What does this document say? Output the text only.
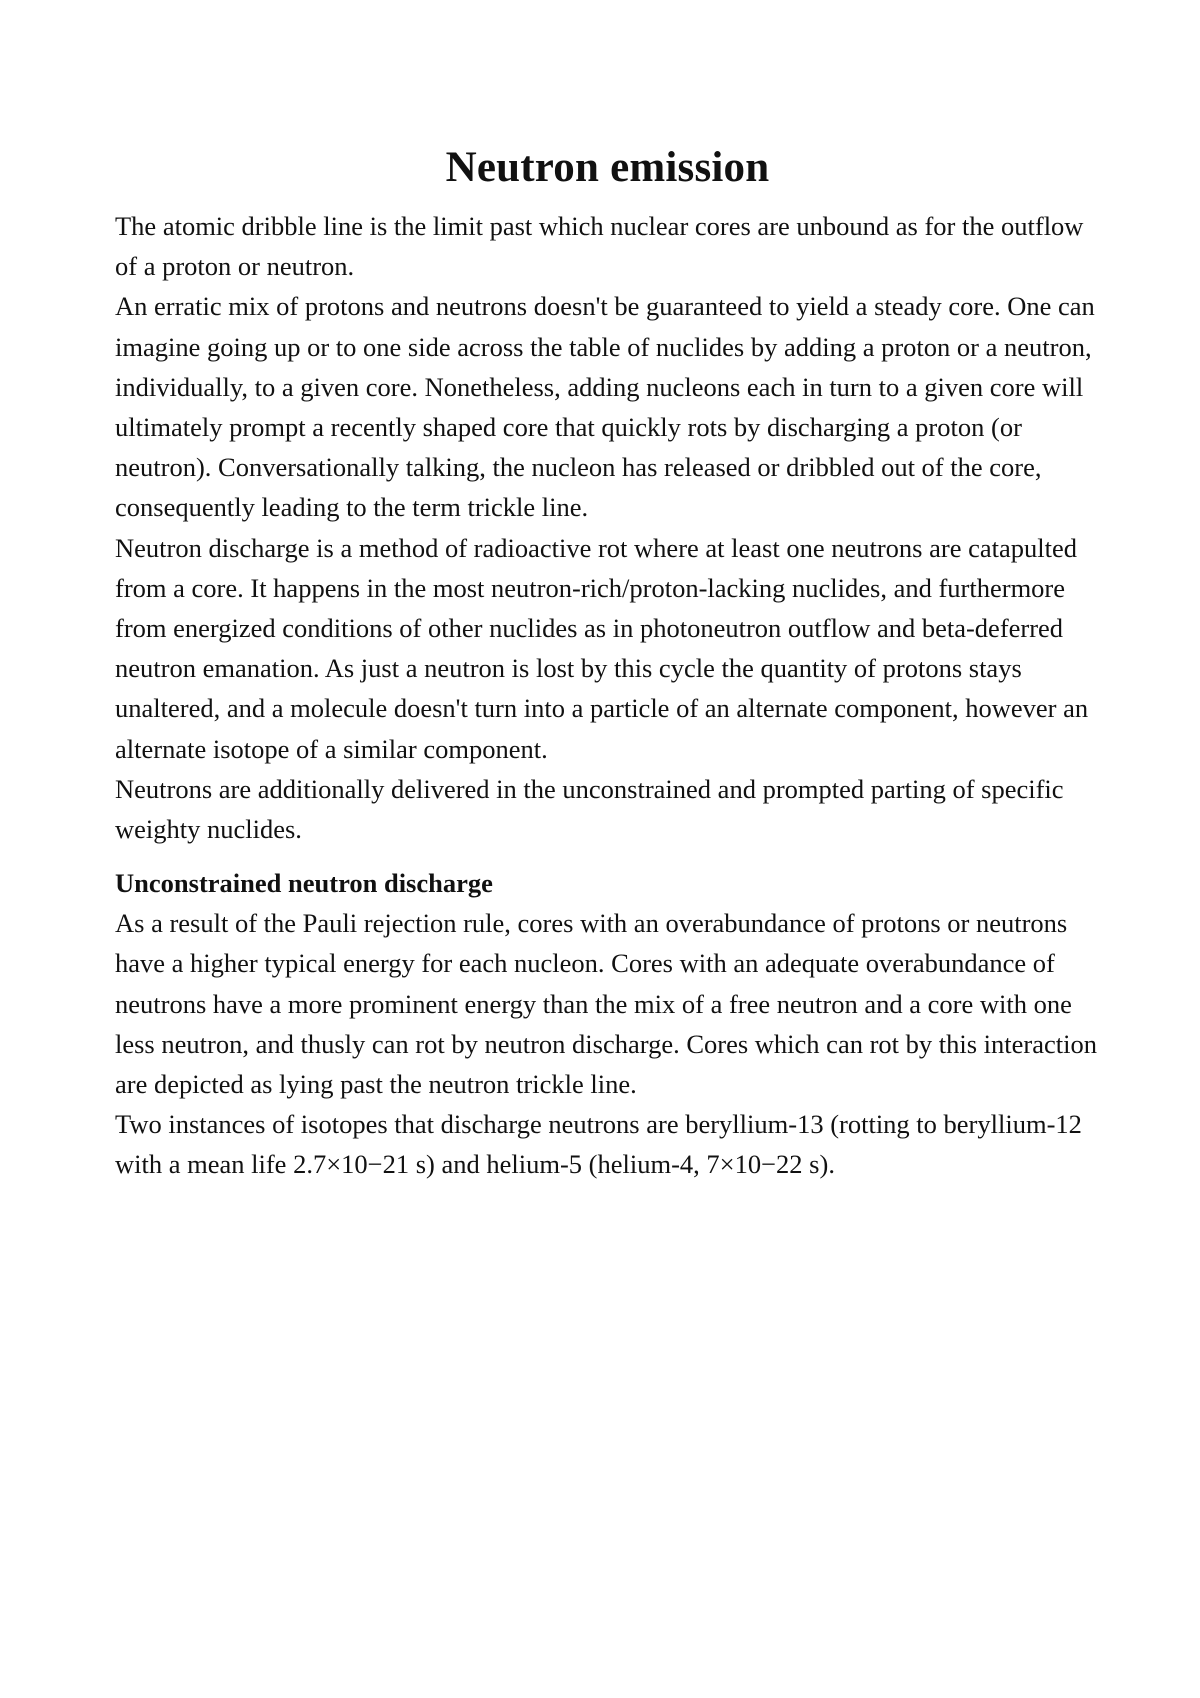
Neutron emission

The atomic dribble line is the limit past which nuclear cores are unbound as for the outflow of a proton or neutron.

An erratic mix of protons and neutrons doesn't be guaranteed to yield a steady core. One can imagine going up or to one side across the table of nuclides by adding a proton or a neutron, individually, to a given core. Nonetheless, adding nucleons each in turn to a given core will ultimately prompt a recently shaped core that quickly rots by discharging a proton (or neutron). Conversationally talking, the nucleon has released or dribbled out of the core, consequently leading to the term trickle line.

Neutron discharge is a method of radioactive rot where at least one neutrons are catapulted from a core. It happens in the most neutron-rich/proton-lacking nuclides, and furthermore from energized conditions of other nuclides as in photoneutron outflow and beta-deferred neutron emanation. As just a neutron is lost by this cycle the quantity of protons stays unaltered, and a molecule doesn't turn into a particle of an alternate component, however an alternate isotope of a similar component.

Neutrons are additionally delivered in the unconstrained and prompted parting of specific weighty nuclides.

Unconstrained neutron discharge

As a result of the Pauli rejection rule, cores with an overabundance of protons or neutrons have a higher typical energy for each nucleon. Cores with an adequate overabundance of neutrons have a more prominent energy than the mix of a free neutron and a core with one less neutron, and thusly can rot by neutron discharge. Cores which can rot by this interaction are depicted as lying past the neutron trickle line.

Two instances of isotopes that discharge neutrons are beryllium-13 (rotting to beryllium-12 with a mean life 2.7×10−21 s) and helium-5 (helium-4, 7×10−22 s).
